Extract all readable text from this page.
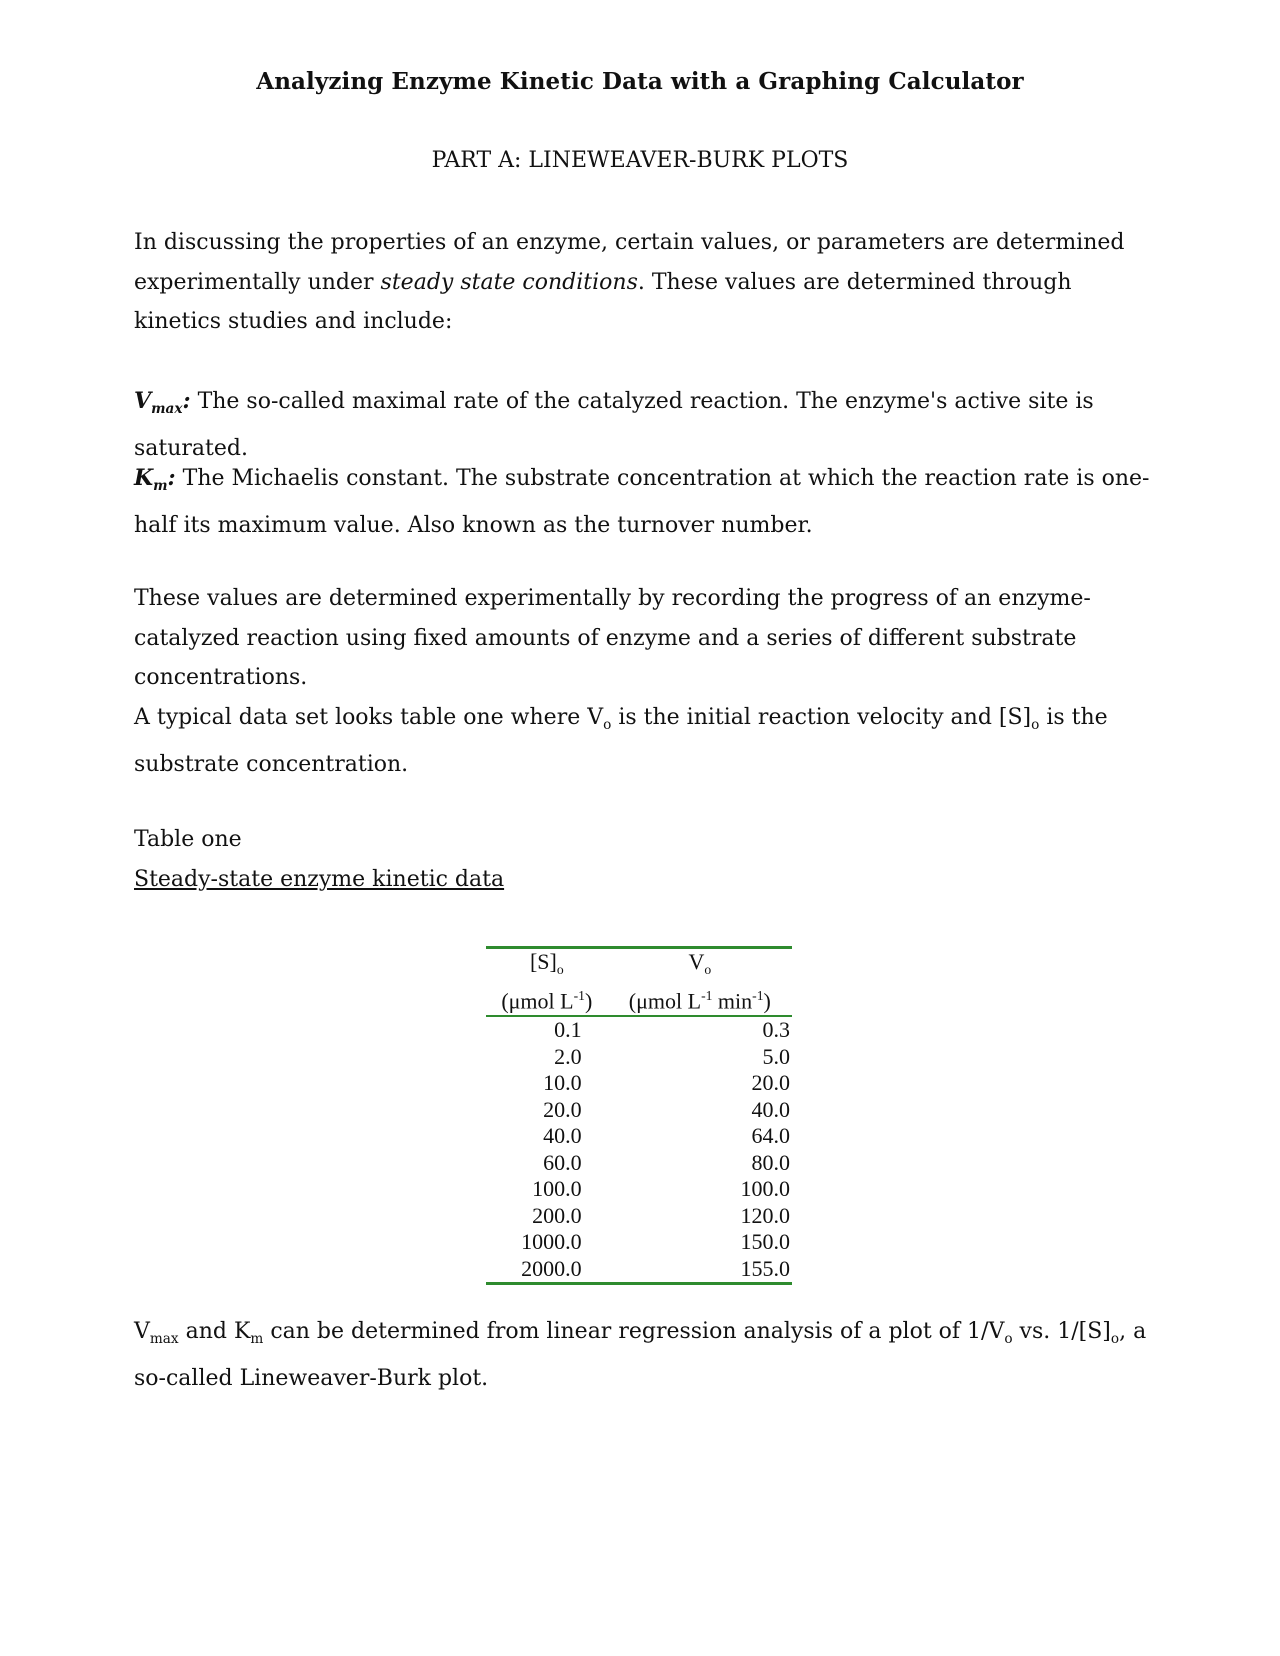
Analyzing Enzyme Kinetic Data with a Graphing Calculator
PART A: LINEWEAVER-BURK PLOTS
In discussing the properties of an enzyme, certain values, or parameters are determined experimentally under steady state conditions. These values are determined through kinetics studies and include:
$V_{max}$: The so-called maximal rate of the catalyzed reaction. The enzyme's active site is saturated.
$K_m$: The Michaelis constant. The substrate concentration at which the reaction rate is one-half its maximum value. Also known as the turnover number.
These values are determined experimentally by recording the progress of an enzyme-catalyzed reaction using fixed amounts of enzyme and a series of different substrate concentrations.
A typical data set looks table one where $V_o$ is the initial reaction velocity and $[S]_o$ is the substrate concentration.
Table one
Steady-state enzyme kinetic data
$[S]_o$	$V_o$
(μmol $L^{-1}$)	(μmol $L^{-1}$ $\min^{-1}$)
0.1	0.3
2.0	5.0
10.0	20.0
20.0	40.0
40.0	64.0
60.0	80.0
100.0	100.0
200.0	120.0
1000.0	150.0
2000.0	155.0
$V_{max}$ and $K_m$ can be determined from linear regression analysis of a plot of $1/V_o$ vs. $1/[S]_o$, a so-called Lineweaver-Burk plot.
